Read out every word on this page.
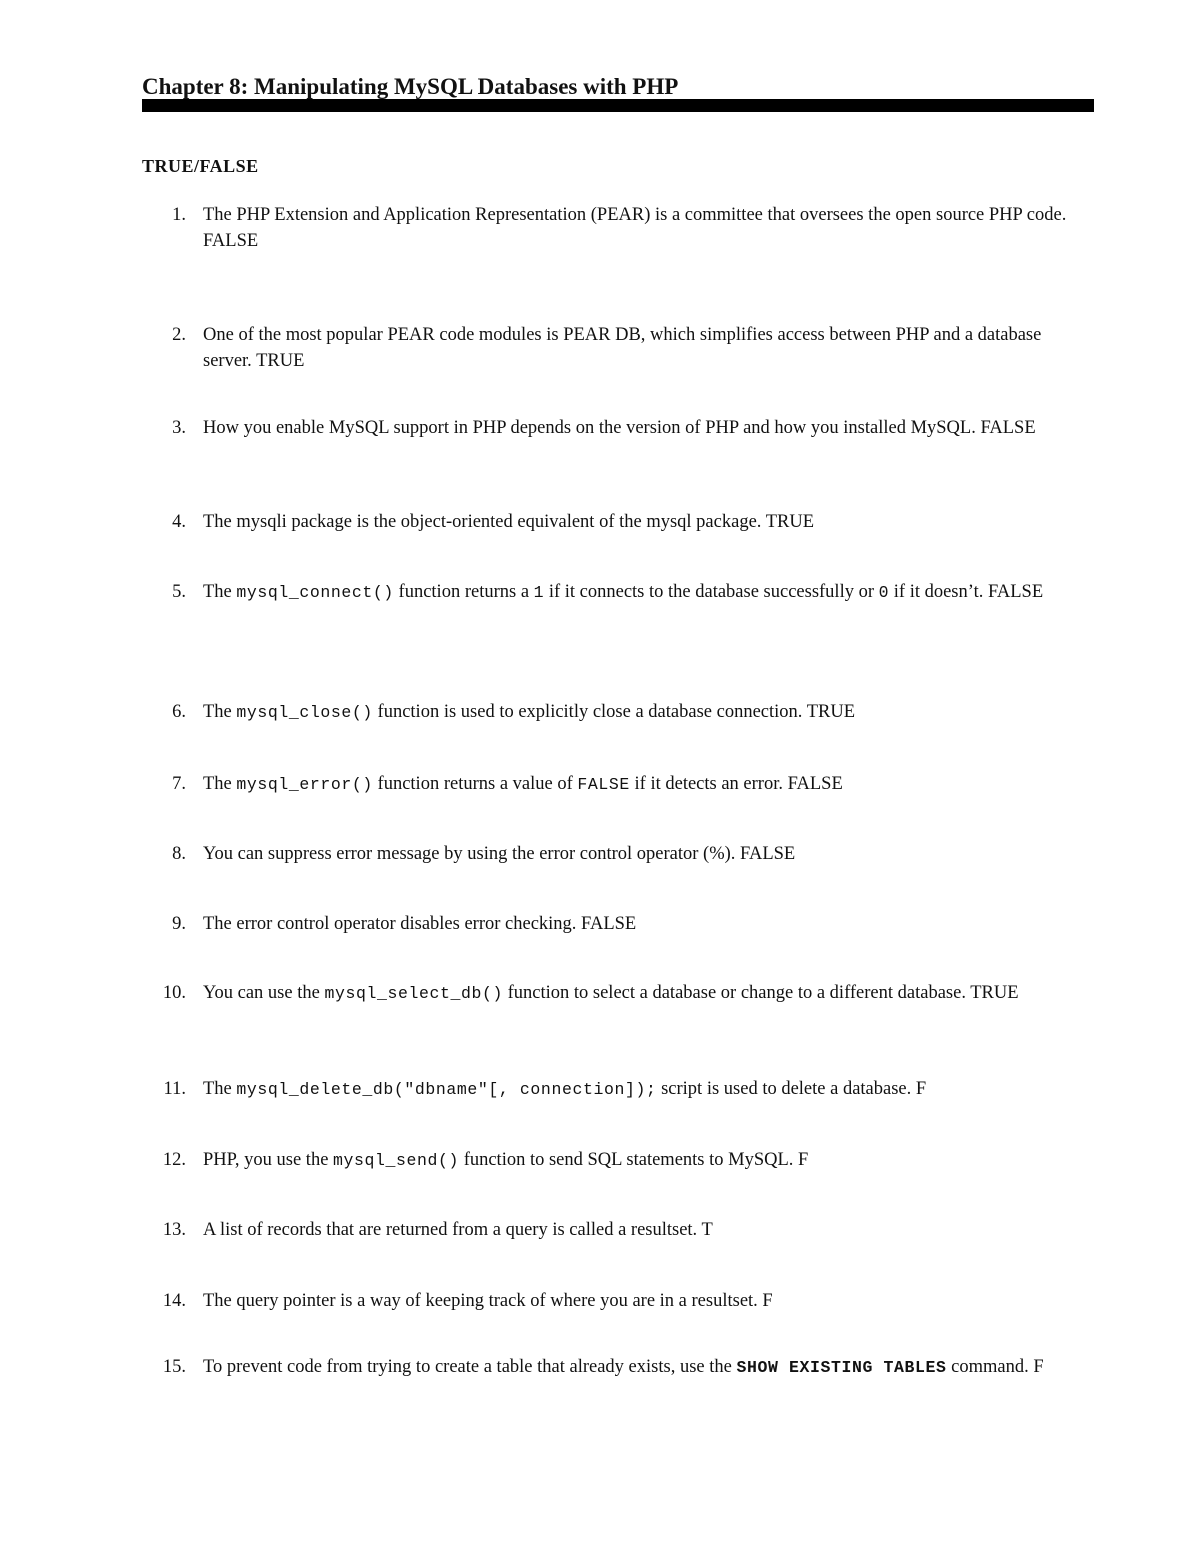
Chapter 8: Manipulating MySQL Databases with PHP
TRUE/FALSE
1. The PHP Extension and Application Representation (PEAR) is a committee that oversees the open source PHP code. FALSE
2. One of the most popular PEAR code modules is PEAR DB, which simplifies access between PHP and a database server. TRUE
3. How you enable MySQL support in PHP depends on the version of PHP and how you installed MySQL. FALSE
4. The mysqli package is the object-oriented equivalent of the mysql package. TRUE
5. The mysql_connect() function returns a 1 if it connects to the database successfully or 0 if it doesn’t. FALSE
6. The mysql_close() function is used to explicitly close a database connection. TRUE
7. The mysql_error() function returns a value of FALSE if it detects an error. FALSE
8. You can suppress error message by using the error control operator (%). FALSE
9. The error control operator disables error checking. FALSE
10. You can use the mysql_select_db() function to select a database or change to a different database. TRUE
11. The mysql_delete_db("dbname"[, connection]); script is used to delete a database. F
12. PHP, you use the mysql_send() function to send SQL statements to MySQL. F
13. A list of records that are returned from a query is called a resultset. T
14. The query pointer is a way of keeping track of where you are in a resultset. F
15. To prevent code from trying to create a table that already exists, use the SHOW EXISTING TABLES command. F
